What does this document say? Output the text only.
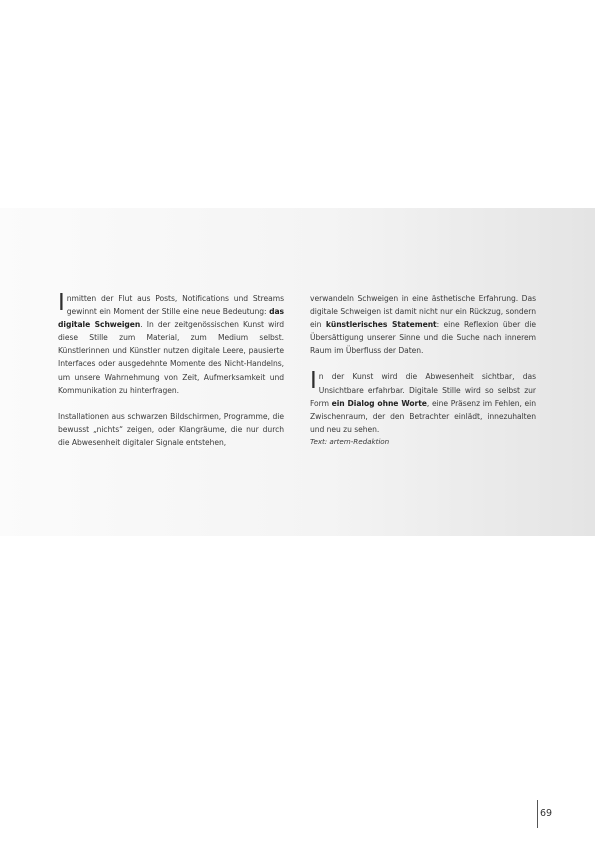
Inmitten der Flut aus Posts, Notifications und Streams gewinnt ein Moment der Stille eine neue Bedeutung: das digitale Schweigen. In der zeitgenössischen Kunst wird diese Stille zum Material, zum Medium selbst. Künstlerinnen und Künstler nutzen digitale Leere, pausierte Interfaces oder ausgedehnte Momente des Nicht-Handelns, um unsere Wahrnehmung von Zeit, Aufmerksamkeit und Kommunikation zu hinterfragen.

Installationen aus schwarzen Bildschirmen, Programme, die bewusst „nichts“ zeigen, oder Klangräume, die nur durch die Abwesenheit digitaler Signale entstehen,

verwandeln Schweigen in eine ästhetische Erfahrung. Das digitale Schweigen ist damit nicht nur ein Rückzug, sondern ein künstlerisches Statement: eine Reflexion über die Übersättigung unserer Sinne und die Suche nach innerem Raum im Überfluss der Daten.

In der Kunst wird die Abwesenheit sichtbar, das Unsichtbare erfahrbar. Digitale Stille wird so selbst zur Form ein Dialog ohne Worte, eine Präsenz im Fehlen, ein Zwischenraum, der den Betrachter einlädt, innezuhalten und neu zu sehen.

Text: artem-Redaktion

69
